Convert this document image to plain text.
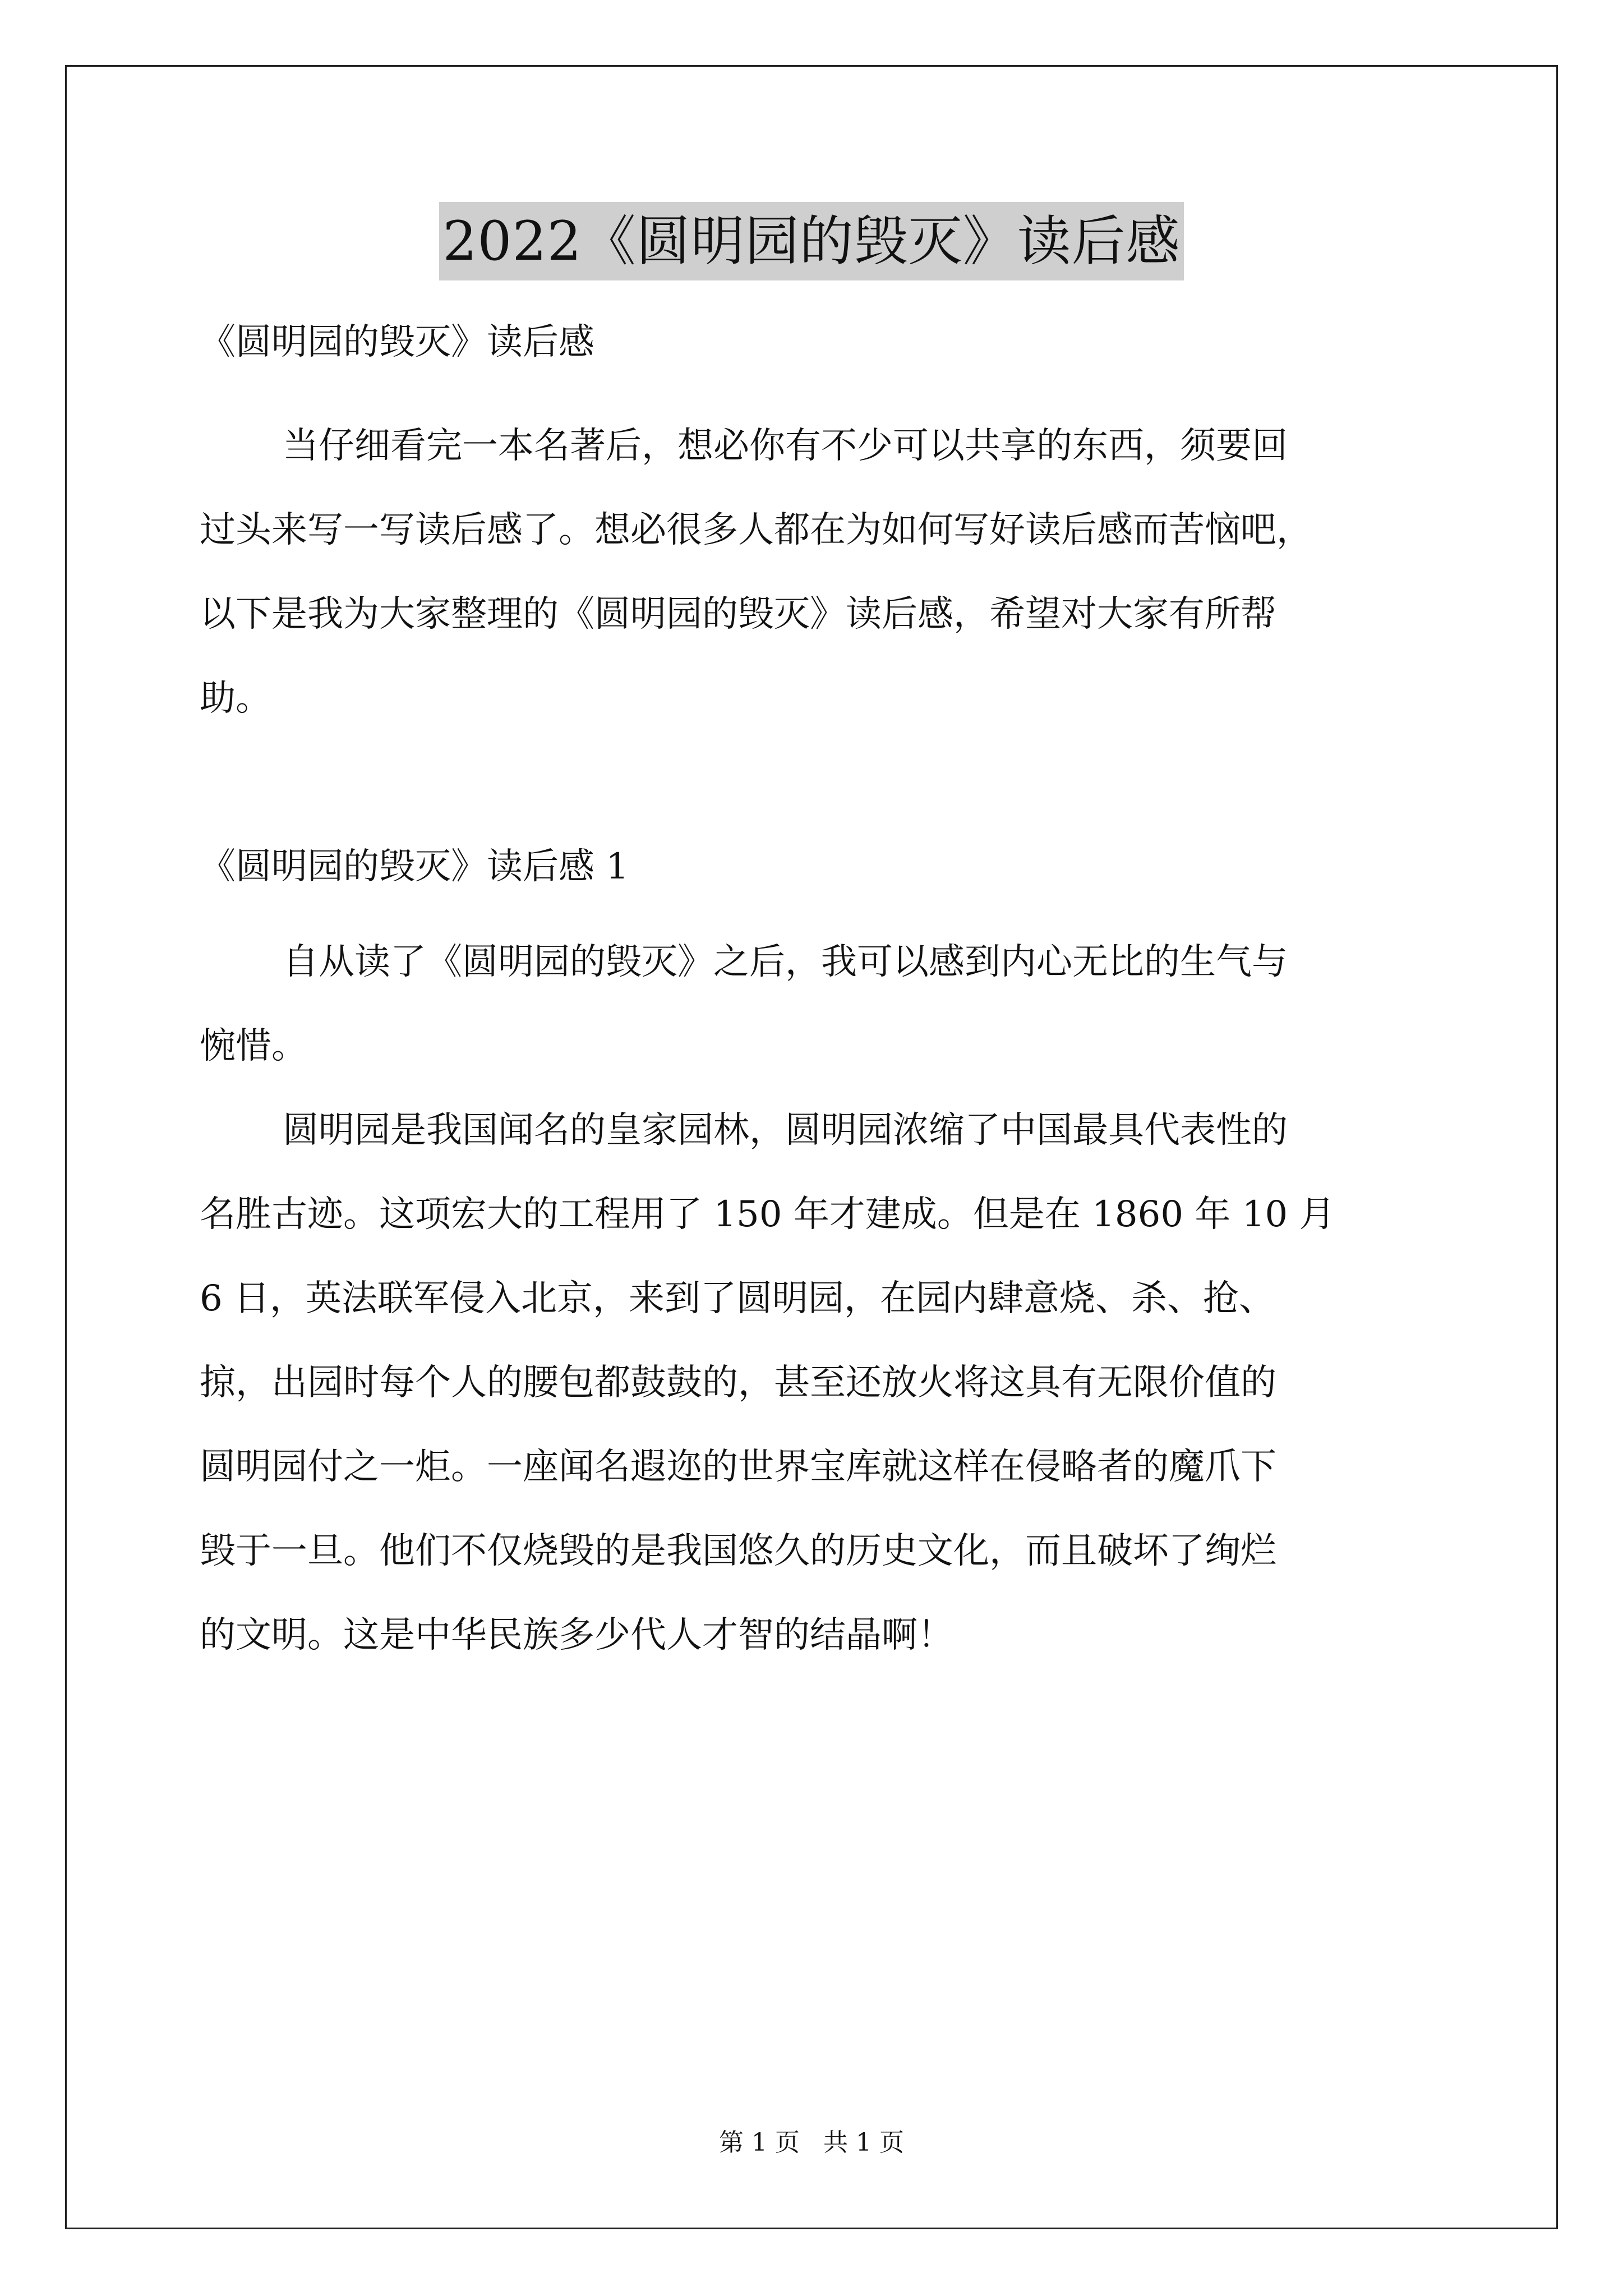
2022《圆明园的毁灭》读后感

《圆明园的毁灭》读后感

当仔细看完一本名著后，想必你有不少可以共享的东西，须要回
过头来写一写读后感了。想必很多人都在为如何写好读后感而苦恼吧，
以下是我为大家整理的《圆明园的毁灭》读后感，希望对大家有所帮
助。

《圆明园的毁灭》读后感 1

自从读了《圆明园的毁灭》之后，我可以感到内心无比的生气与
惋惜。
圆明园是我国闻名的皇家园林，圆明园浓缩了中国最具代表性的
名胜古迹。这项宏大的工程用了 150 年才建成。但是在 1860 年 10 月
6 日，英法联军侵入北京，来到了圆明园，在园内肆意烧、杀、抢、
掠，出园时每个人的腰包都鼓鼓的，甚至还放火将这具有无限价值的
圆明园付之一炬。一座闻名遐迩的世界宝库就这样在侵略者的魔爪下
毁于一旦。他们不仅烧毁的是我国悠久的历史文化，而且破坏了绚烂
的文明。这是中华民族多少代人才智的结晶啊！
第 1 页   共 1 页
